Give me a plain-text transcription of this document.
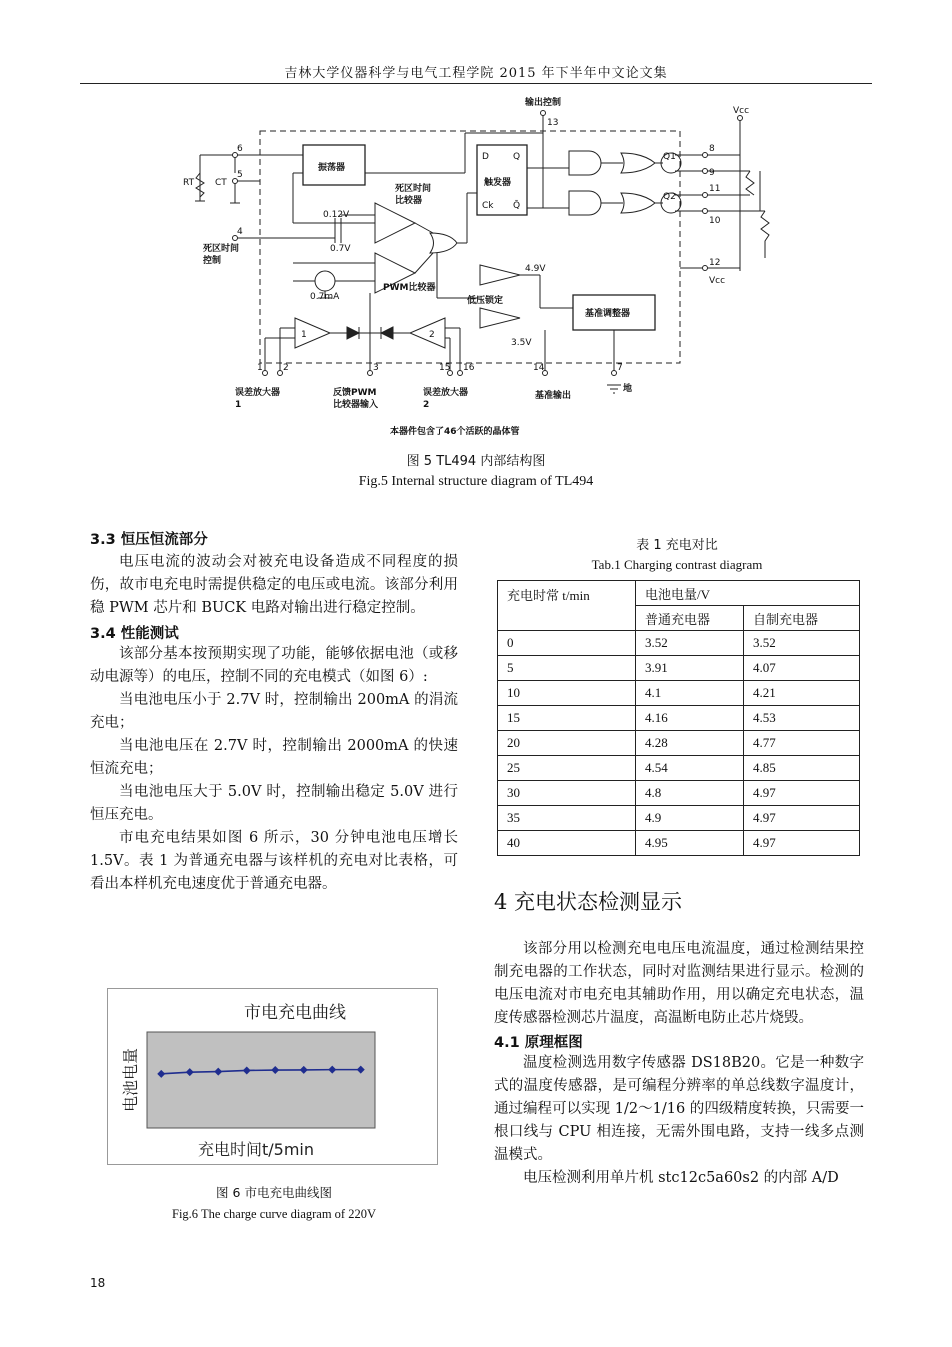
吉林大学仪器科学与电气工程学院 2015 年下半年中文论文集
输出控制
13
Vcc
6
5
RT CT
振荡器
死区时间比较器
D	Q
触发器
Ck Q̄
0.12V
0.7V
4
死区时间控制
0.7mA
PWM比较器
低压锁定
4.9V
3.5V
基准调整器
Q1
Q2
8
9
11
10
12
Vcc
1	2
1 2	3	15 16	14	7
误差放大器 1
反馈PWM 比较器输入
误差放大器 2
基准输出
地
本器件包含了46个活跃的晶体管
图 5 TL494 内部结构图
Fig.5 Internal structure diagram of TL494
3.3 恒压恒流部分
电压电流的波动会对被充电设备造成不同程度的损伤，故市电充电时需提供稳定的电压或电流。该部分利用稳 PWM 芯片和 BUCK 电路对输出进行稳定控制。
3.4 性能测试
该部分基本按预期实现了功能，能够依据电池（或移动电源等）的电压，控制不同的充电模式（如图 6）:
当电池电压小于 2.7V 时，控制输出 200mA 的涓流充电；
当电池电压在 2.7V 时，控制输出 2000mA 的快速恒流充电；
当电池电压大于 5.0V 时，控制输出稳定 5.0V 进行恒压充电。
市电充电结果如图 6 所示，30 分钟电池电压增长 1.5V。表 1 为普通充电器与该样机的充电对比表格，可看出本样机充电速度优于普通充电器。
市电充电曲线
充电时间t/5min
电池电量
图 6 市电充电曲线图
Fig.6 The charge curve diagram of 220V
表 1 充电对比
Tab.1 Charging contrast diagram
充电时常 t/min	电池电量/V	
	普通充电器	自制充电器
0	3.52	3.52
5	3.91	4.07
10	4.1	4.21
15	4.16	4.53
20	4.28	4.77
25	4.54	4.85
30	4.8	4.97
35	4.9	4.97
40	4.95	4.97
4 充电状态检测显示
该部分用以检测充电电压电流温度，通过检测结果控制充电器的工作状态，同时对监测结果进行显示。检测的电压电流对市电充电其辅助作用，用以确定充电状态，温度传感器检测芯片温度，高温断电防止芯片烧毁。
4.1 原理框图
温度检测选用数字传感器 DS18B20。它是一种数字式的温度传感器，是可编程分辨率的单总线数字温度计，通过编程可以实现 1/2～1/16 的四级精度转换，只需要一根口线与 CPU 相连接，无需外围电路，支持一线多点测温模式。
电压检测利用单片机 stc12c5a60s2 的内部 A/D
18
